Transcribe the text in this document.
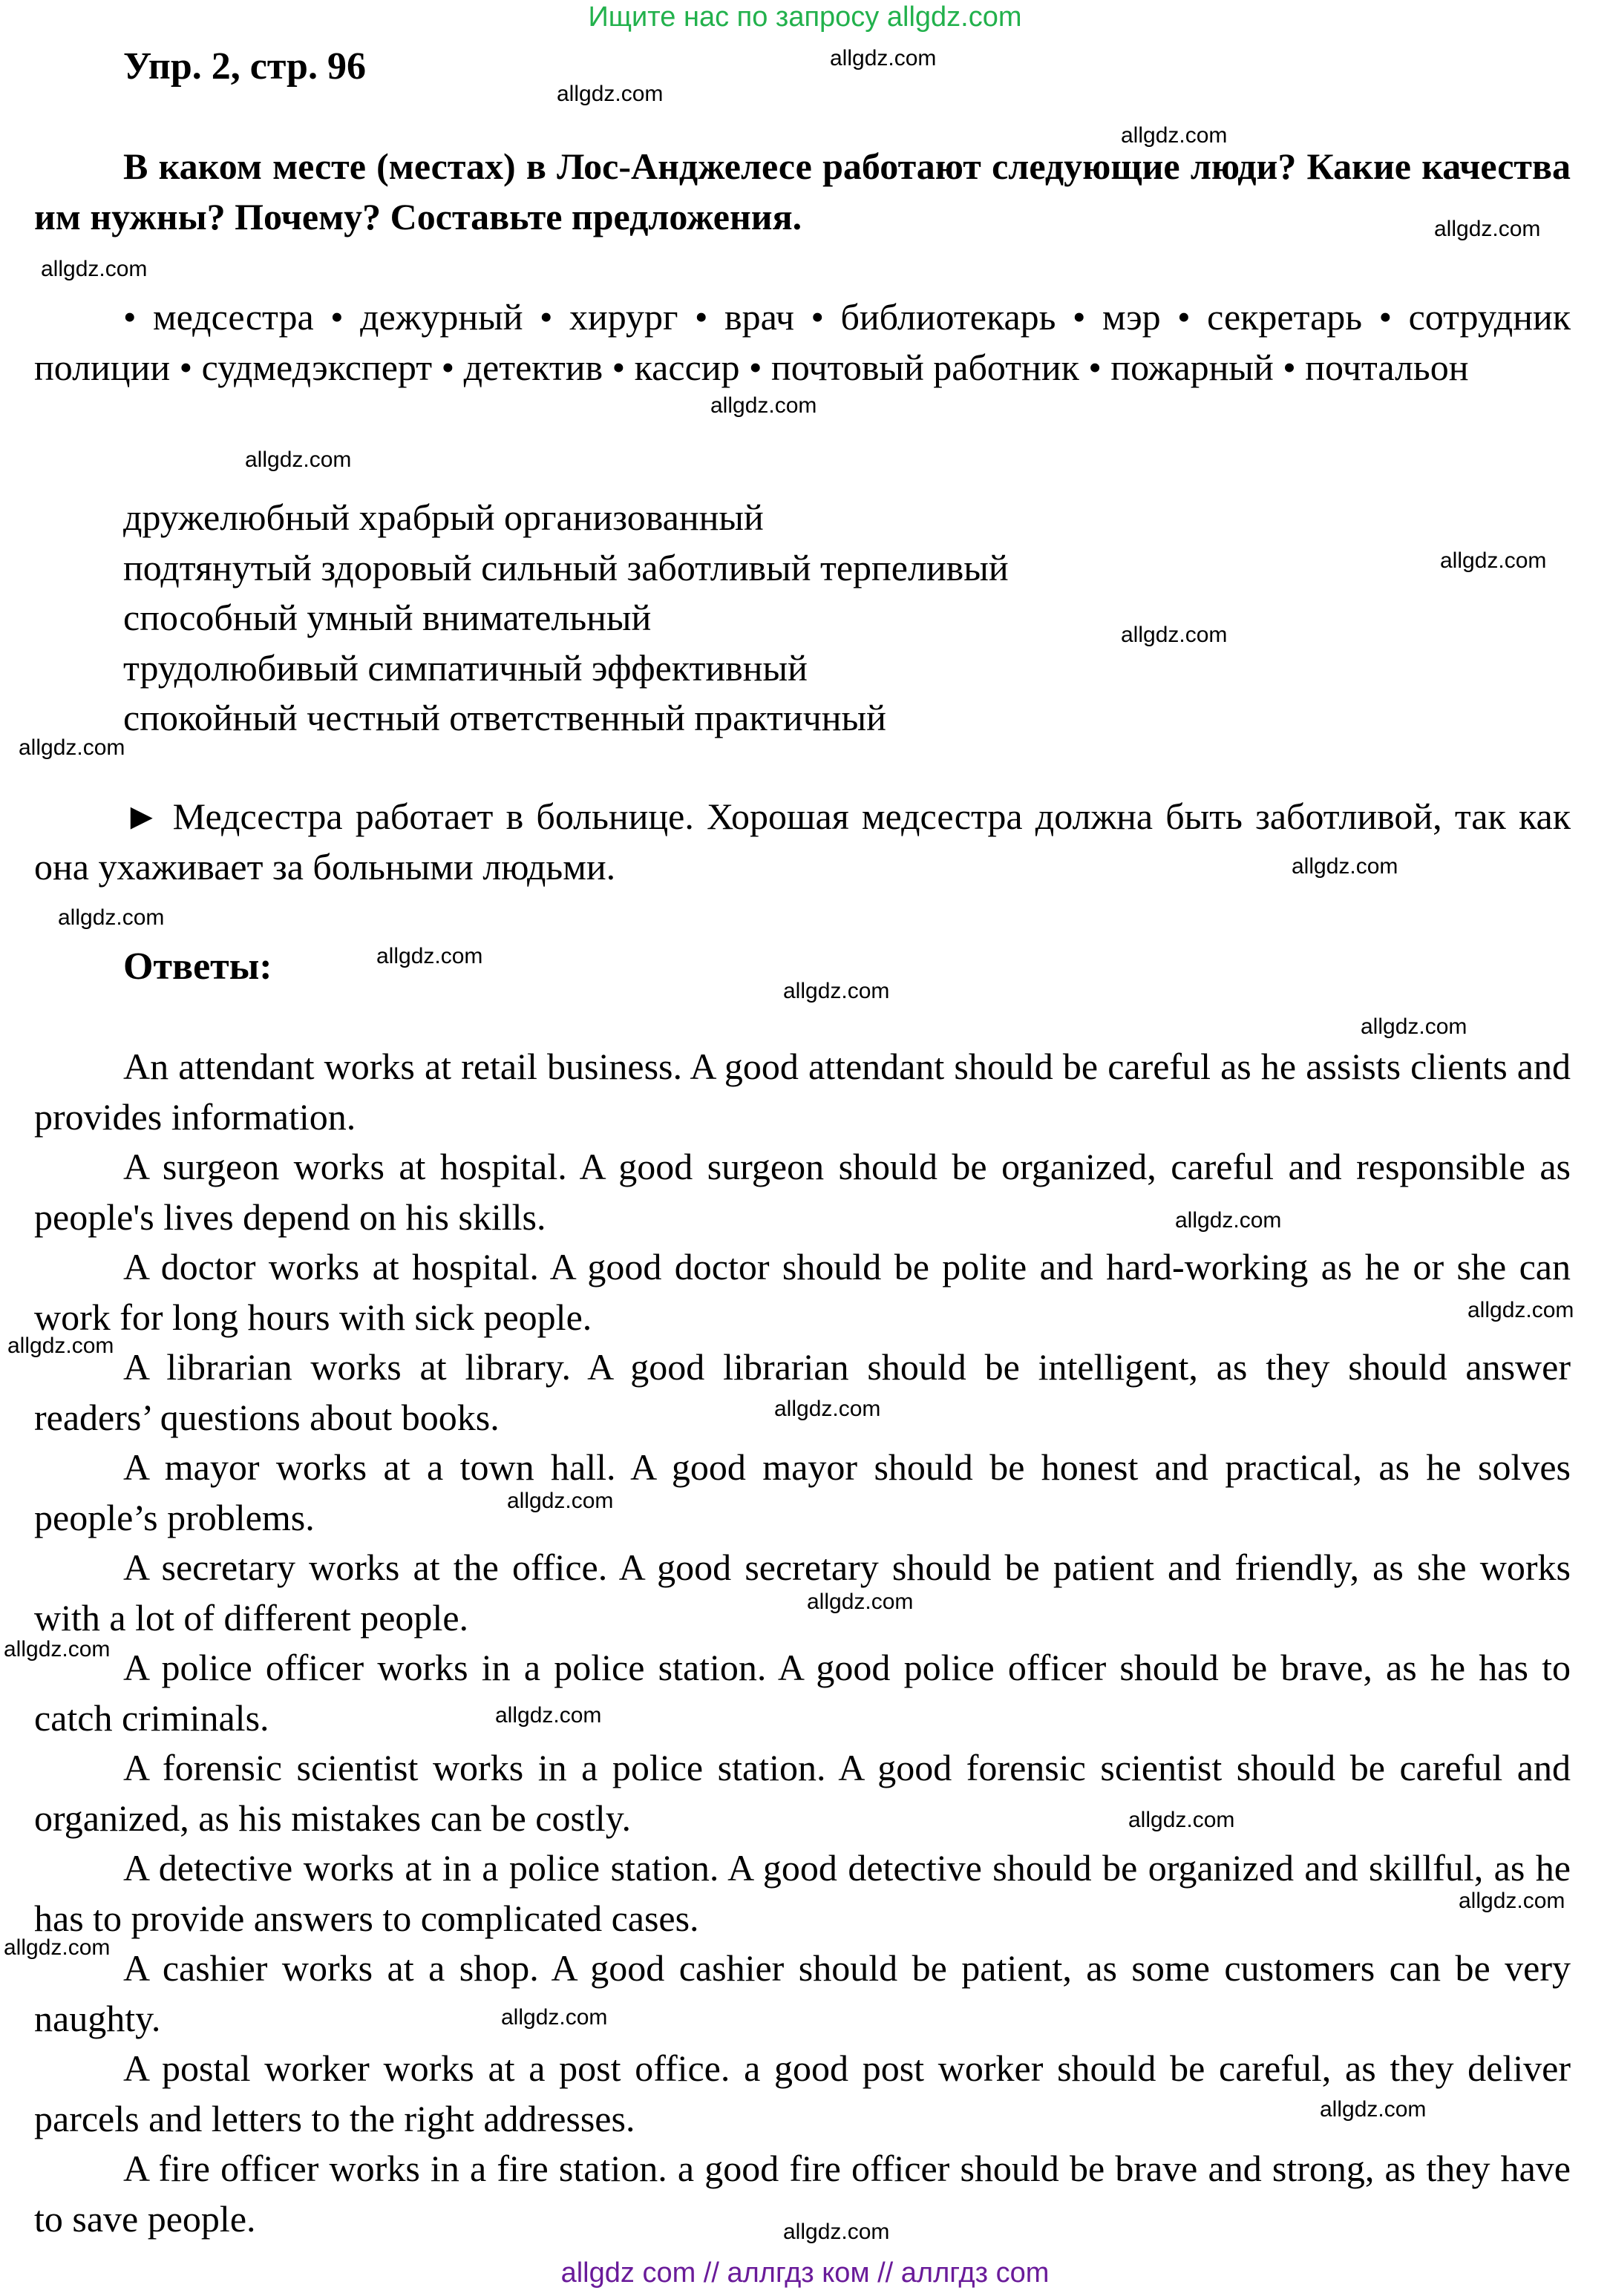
Ищите нас по запросу allgdz.com
Упр. 2, стр. 96

В каком месте (местах) в Лос-Анджелесе работают следующие люди? Какие качества им нужны? Почему? Составьте предложения.

• медсестра • дежурный • хирург • врач • библиотекарь • мэр • секретарь • сотрудник полиции • судмедэксперт • детектив • кассир • почтовый работник • пожарный • почтальон

дружелюбный храбрый организованный
подтянутый здоровый сильный заботливый терпеливый
способный умный внимательный
трудолюбивый симпатичный эффективный
спокойный честный ответственный практичный

► Медсестра работает в больнице. Хорошая медсестра должна быть заботливой, так как она ухаживает за больными людьми.

Ответы:

An attendant works at retail business. A good attendant should be careful as he assists clients and provides information.

A surgeon works at hospital. A good surgeon should be organized, careful and responsible as people's lives depend on his skills.

A doctor works at hospital. A good doctor should be polite and hard-working as he or she can work for long hours with sick people.

A librarian works at library. A good librarian should be intelligent, as they should answer readers’ questions about books.

A mayor works at a town hall. A good mayor should be honest and practical, as he solves people’s problems.

A secretary works at the office. A good secretary should be patient and friendly, as she works with a lot of different people.

A police officer works in a police station. A good police officer should be brave, as he has to catch criminals.

A forensic scientist works in a police station. A good forensic scientist should be careful and organized, as his mistakes can be costly.

A detective works at in a police station. A good detective should be organized and skillful, as he has to provide answers to complicated cases.

A cashier works at a shop. A good cashier should be patient, as some customers can be very naughty.

A postal worker works at a post office. a good post worker should be careful, as they deliver parcels and letters to the right addresses.

A fire officer works in a fire station. a good fire officer should be brave and strong, as they have to save people.

allgdz.com
allgdz.com
allgdz.com
allgdz.com
allgdz.com
allgdz.com
allgdz.com
allgdz.com
allgdz.com
allgdz.com
allgdz.com
allgdz.com
allgdz.com
allgdz.com
allgdz.com
allgdz.com
allgdz.com
allgdz.com
allgdz.com
allgdz.com
allgdz.com
allgdz.com
allgdz.com
allgdz.com
allgdz.com
allgdz.com
allgdz.com
allgdz.com
allgdz.com
allgdz com // аллгдз ком // аллгдз com
